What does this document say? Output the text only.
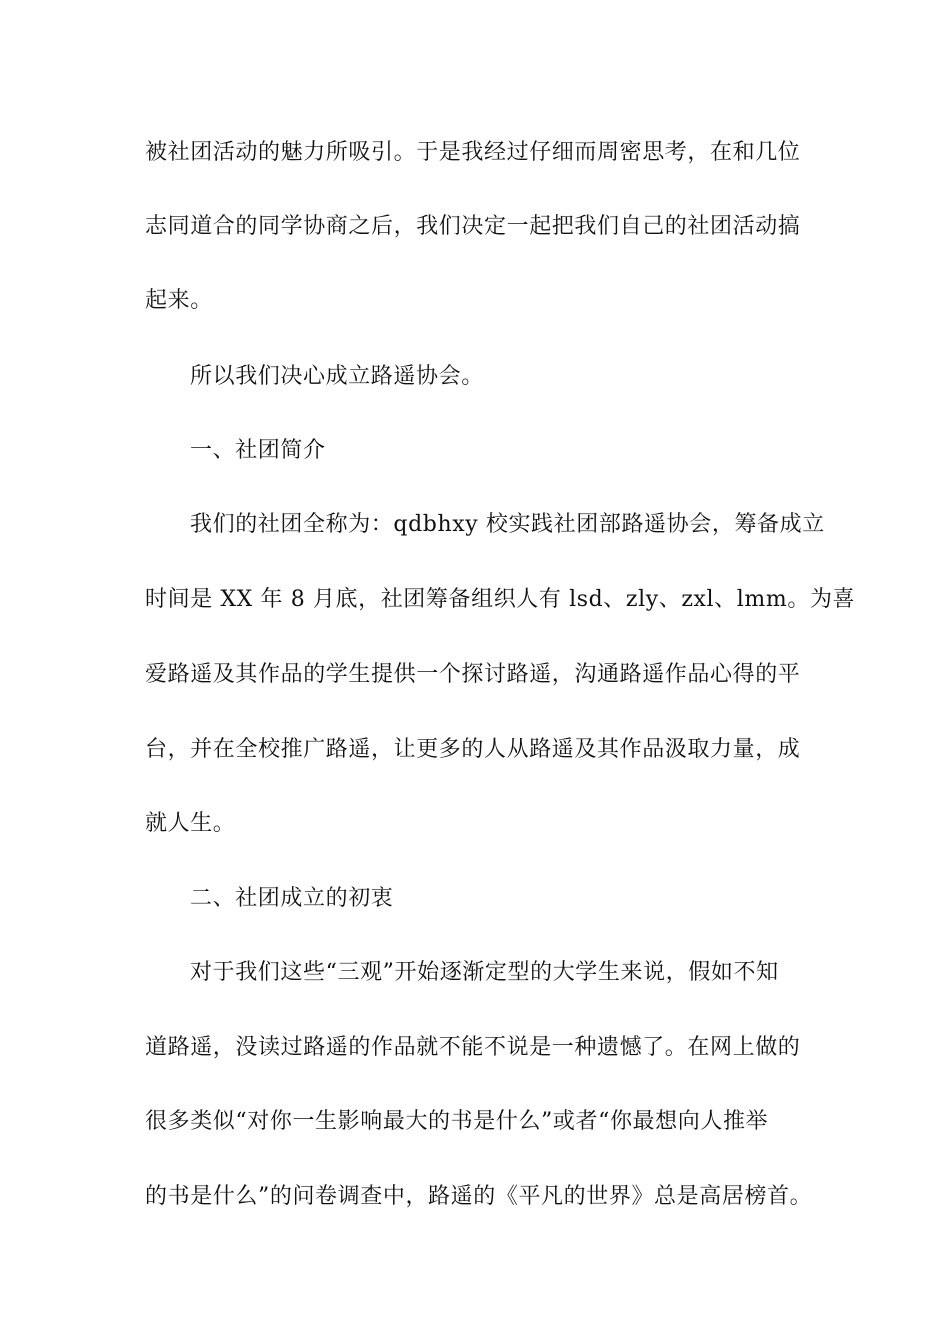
被社团活动的魅力所吸引。于是我经过仔细而周密思考，在和几位
志同道合的同学协商之后，我们决定一起把我们自己的社团活动搞
起来。
所以我们决心成立路遥协会。
一、社团简介
我们的社团全称为：qdbhxy 校实践社团部路遥协会，筹备成立
时间是 XX 年 8 月底，社团筹备组织人有 lsd、zly、zxl、lmm。为喜
爱路遥及其作品的学生提供一个探讨路遥，沟通路遥作品心得的平
台，并在全校推广路遥，让更多的人从路遥及其作品汲取力量，成
就人生。
二、社团成立的初衷
对于我们这些“三观”开始逐渐定型的大学生来说，假如不知
道路遥，没读过路遥的作品就不能不说是一种遗憾了。在网上做的
很多类似“对你一生影响最大的书是什么”或者“你最想向人推举
的书是什么”的问卷调查中，路遥的《平凡的世界》总是高居榜首。
